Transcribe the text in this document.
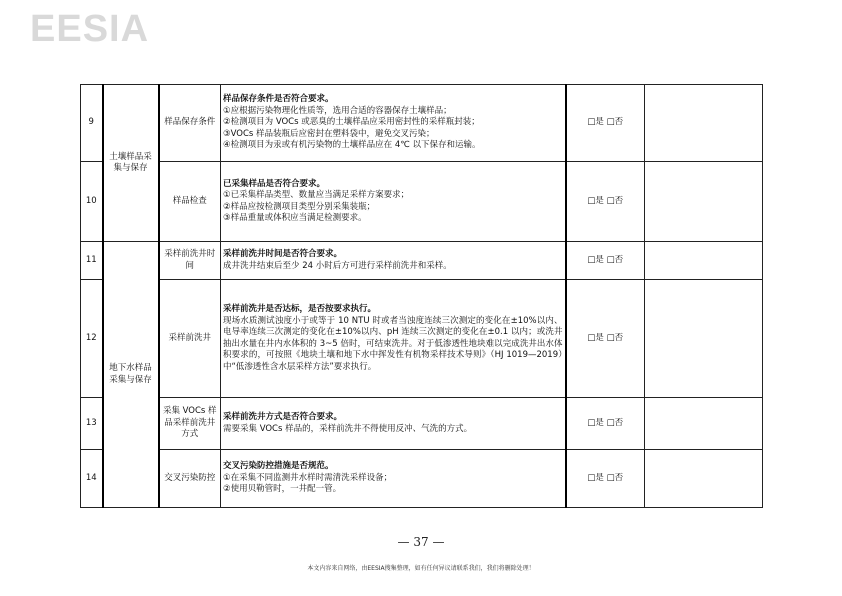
EESIA
9	土壤样品采集与保存	样品保存条件	样品保存条件是否符合要求。
①应根据污染物理化性质等，选用合适的容器保存土壤样品；
②检测项目为 VOCs 或恶臭的土壤样品应采用密封性的采样瓶封装；
③VOCs 样品装瓶后应密封在塑料袋中，避免交叉污染；
④检测项目为汞或有机污染物的土壤样品应在 4℃ 以下保存和运输。	□是 □否	
10		样品检查	已采集样品是否符合要求。
①已采集样品类型、数量应当满足采样方案要求；
②样品应按检测项目类型分别采集装瓶；
③样品重量或体积应当满足检测要求。	□是 □否	
11	地下水样品采集与保存	采样前洗井时间	采样前洗井时间是否符合要求。
成井洗井结束后至少 24 小时后方可进行采样前洗井和采样。	□是 □否	
12		采样前洗井	采样前洗井是否达标，是否按要求执行。
现场水质测试浊度小于或等于 10 NTU 时或者当浊度连续三次测定的变化在±10%以内、电导率连续三次测定的变化在±10%以内、pH 连续三次测定的变化在±0.1 以内；或洗井抽出水量在井内水体积的 3~5 倍时，可结束洗井。对于低渗透性地块难以完成洗井出水体积要求的，可按照《地块土壤和地下水中挥发性有机物采样技术导则》（HJ 1019—2019）中“低渗透性含水层采样方法”要求执行。	□是 □否	
13		采集 VOCs 样品采样前洗井方式	采样前洗井方式是否符合要求。
需要采集 VOCs 样品的，采样前洗井不得使用反冲、气洗的方式。	□是 □否	
14		交叉污染防控	交叉污染防控措施是否规范。
①在采集不同监测井水样时需清洗采样设备；
②使用贝勒管时，一井配一管。	□是 □否	
— 37 —
本文内容来自网络，由EESIA搜集整理，如有任何异议请联系我们，我们将删除处理！
